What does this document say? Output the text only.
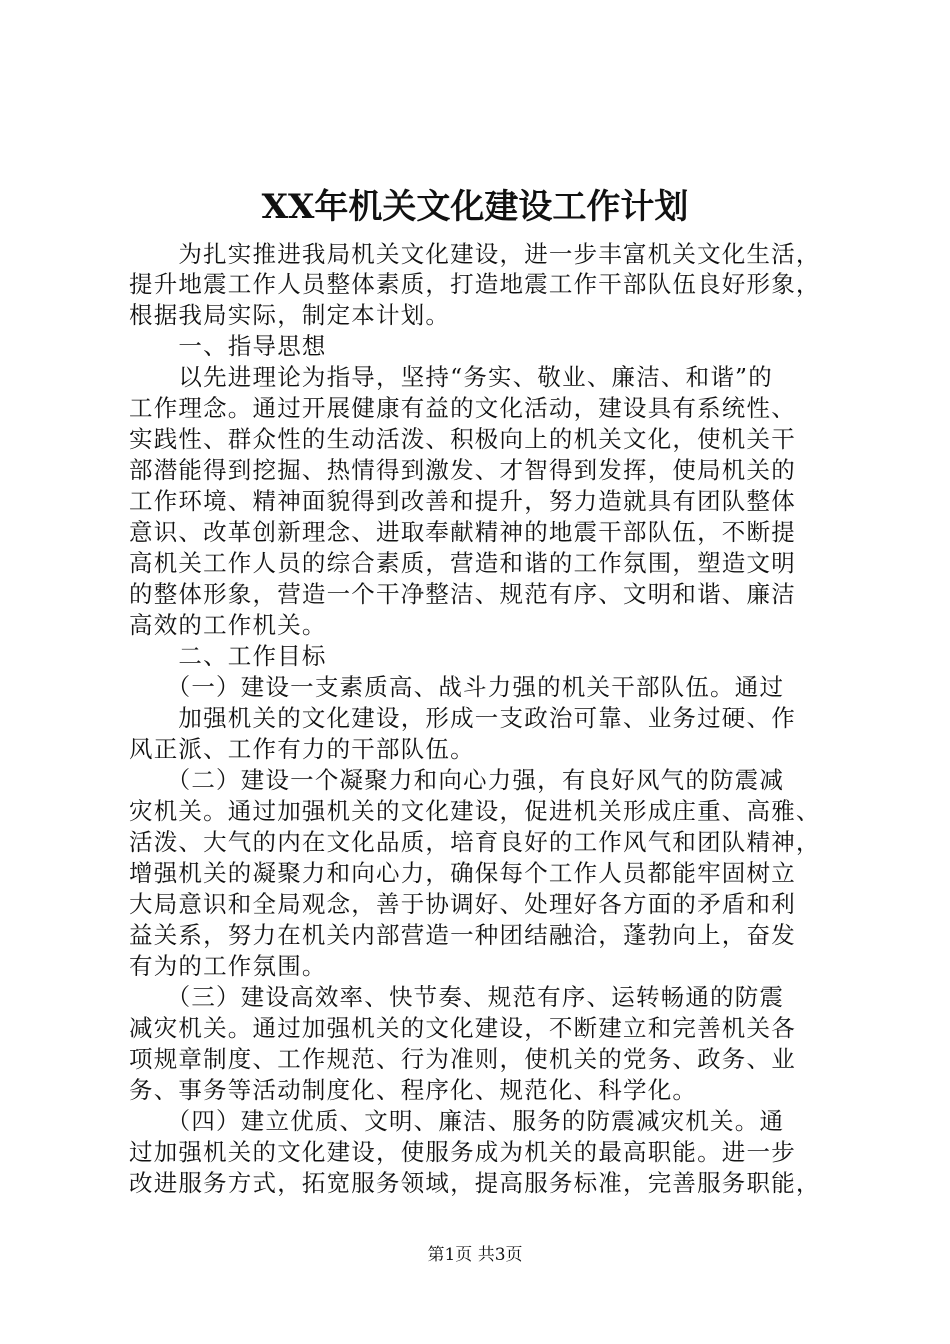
XX年机关文化建设工作计划
　　为扎实推进我局机关文化建设，进一步丰富机关文化生活，
提升地震工作人员整体素质，打造地震工作干部队伍良好形象，
根据我局实际，制定本计划。
　　一、指导思想
　　以先进理论为指导，坚持“务实、敬业、廉洁、和谐”的
工作理念。通过开展健康有益的文化活动，建设具有系统性、
实践性、群众性的生动活泼、积极向上的机关文化，使机关干
部潜能得到挖掘、热情得到激发、才智得到发挥，使局机关的
工作环境、精神面貌得到改善和提升，努力造就具有团队整体
意识、改革创新理念、进取奉献精神的地震干部队伍，不断提
高机关工作人员的综合素质，营造和谐的工作氛围，塑造文明
的整体形象，营造一个干净整洁、规范有序、文明和谐、廉洁
高效的工作机关。
　　二、工作目标
　　（一）建设一支素质高、战斗力强的机关干部队伍。通过
　　加强机关的文化建设，形成一支政治可靠、业务过硬、作
风正派、工作有力的干部队伍。
　　（二）建设一个凝聚力和向心力强，有良好风气的防震减
灾机关。通过加强机关的文化建设，促进机关形成庄重、高雅、
活泼、大气的内在文化品质，培育良好的工作风气和团队精神，
增强机关的凝聚力和向心力，确保每个工作人员都能牢固树立
大局意识和全局观念，善于协调好、处理好各方面的矛盾和利
益关系，努力在机关内部营造一种团结融洽，蓬勃向上，奋发
有为的工作氛围。
　　（三）建设高效率、快节奏、规范有序、运转畅通的防震
减灾机关。通过加强机关的文化建设，不断建立和完善机关各
项规章制度、工作规范、行为准则，使机关的党务、政务、业
务、事务等活动制度化、程序化、规范化、科学化。
　　（四）建立优质、文明、廉洁、服务的防震减灾机关。通
过加强机关的文化建设，使服务成为机关的最高职能。进一步
改进服务方式，拓宽服务领域，提高服务标准，完善服务职能，
第1页 共3页
